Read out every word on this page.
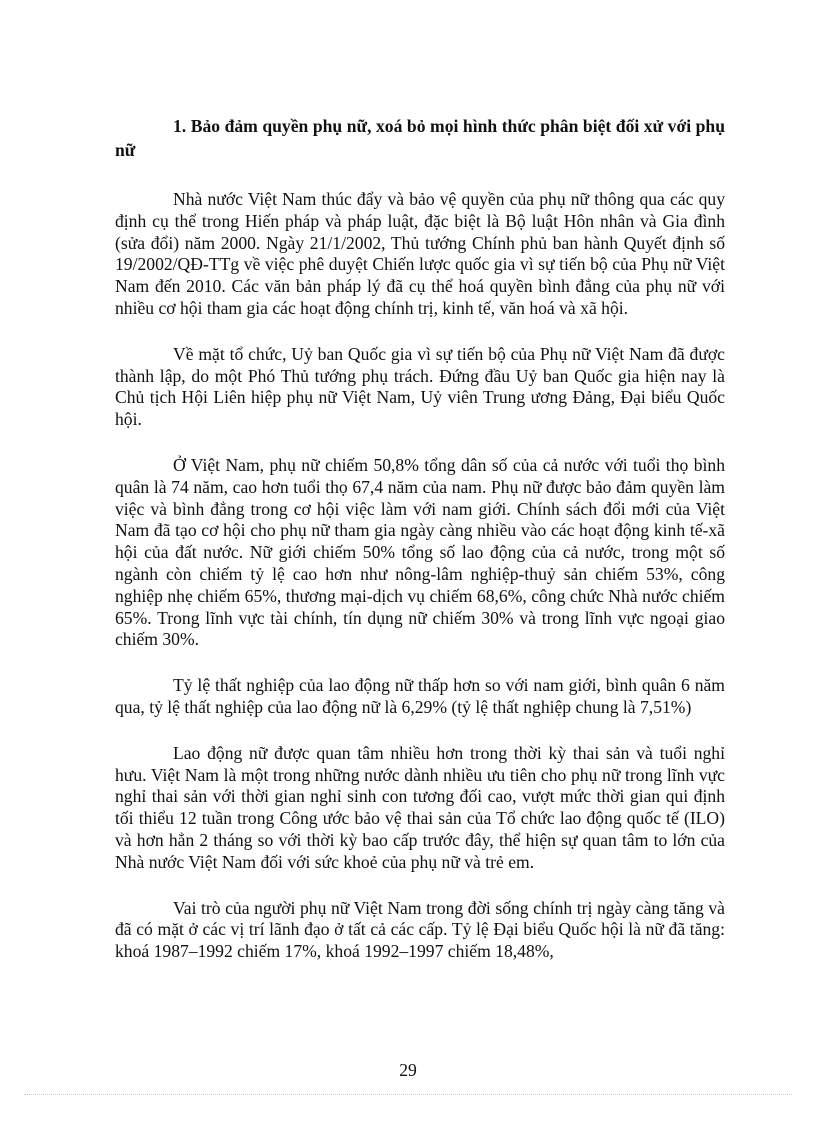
1. Bảo đảm quyền phụ nữ, xoá bỏ mọi hình thức phân biệt đối xử với phụ nữ

Nhà nước Việt Nam thúc đẩy và bảo vệ quyền của phụ nữ thông qua các quy định cụ thể trong Hiến pháp và pháp luật, đặc biệt là Bộ luật Hôn nhân và Gia đình (sửa đổi) năm 2000. Ngày 21/1/2002, Thủ tướng Chính phủ ban hành Quyết định số 19/2002/QĐ-TTg về việc phê duyệt Chiến lược quốc gia vì sự tiến bộ của Phụ nữ Việt Nam đến 2010. Các văn bản pháp lý đã cụ thể hoá quyền bình đẳng của phụ nữ với nhiều cơ hội tham gia các hoạt động chính trị, kinh tế, văn hoá và xã hội.

Về mặt tổ chức, Uỷ ban Quốc gia vì sự tiến bộ của Phụ nữ Việt Nam đã được thành lập, do một Phó Thủ tướng phụ trách. Đứng đầu Uỷ ban Quốc gia hiện nay là Chủ tịch Hội Liên hiệp phụ nữ Việt Nam, Uỷ viên Trung ương Đảng, Đại biểu Quốc hội.

Ở Việt Nam, phụ nữ chiếm 50,8% tổng dân số của cả nước với tuổi thọ bình quân là 74 năm, cao hơn tuổi thọ 67,4 năm của nam. Phụ nữ được bảo đảm quyền làm việc và bình đẳng trong cơ hội việc làm với nam giới. Chính sách đổi mới của Việt Nam đã tạo cơ hội cho phụ nữ tham gia ngày càng nhiều vào các hoạt động kinh tế-xã hội của đất nước. Nữ giới chiếm 50% tổng số lao động của cả nước, trong một số ngành còn chiếm tỷ lệ cao hơn như nông-lâm nghiệp-thuỷ sản chiếm 53%, công nghiệp nhẹ chiếm 65%, thương mại-dịch vụ chiếm 68,6%, công chức Nhà nước chiếm 65%. Trong lĩnh vực tài chính, tín dụng nữ chiếm 30% và trong lĩnh vực ngoại giao chiếm 30%.

Tỷ lệ thất nghiệp của lao động nữ thấp hơn so với nam giới, bình quân 6 năm qua, tỷ lệ thất nghiệp của lao động nữ là 6,29% (tỷ lệ thất nghiệp chung là 7,51%)

Lao động nữ được quan tâm nhiều hơn trong thời kỳ thai sản và tuổi nghỉ hưu. Việt Nam là một trong những nước dành nhiều ưu tiên cho phụ nữ trong lĩnh vực nghỉ thai sản với thời gian nghỉ sinh con tương đối cao, vượt mức thời gian qui định tối thiểu 12 tuần trong Công ước bảo vệ thai sản của Tổ chức lao động quốc tế (ILO) và hơn hẳn 2 tháng so với thời kỳ bao cấp trước đây, thể hiện sự quan tâm to lớn của Nhà nước Việt Nam đối với sức khoẻ của phụ nữ và trẻ em.

Vai trò của người phụ nữ Việt Nam trong đời sống chính trị ngày càng tăng và đã có mặt ở các vị trí lãnh đạo ở tất cả các cấp. Tỷ lệ Đại biểu Quốc hội là nữ đã tăng: khoá 1987–1992 chiếm 17%, khoá 1992–1997 chiếm 18,48%,

29
